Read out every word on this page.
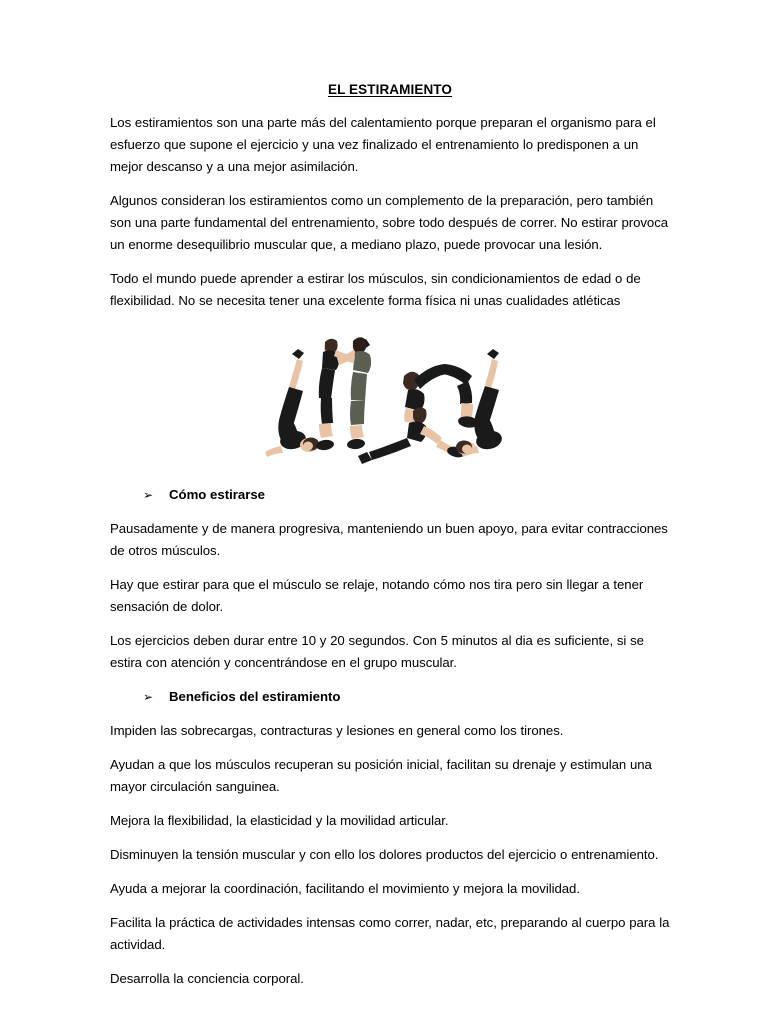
EL ESTIRAMIENTO

Los estiramientos son una parte más del calentamiento porque preparan el organismo para el esfuerzo que supone el ejercicio y una vez finalizado el entrenamiento lo predisponen a un mejor descanso y a una mejor asimilación.

Algunos consideran los estiramientos como un complemento de la preparación, pero también son una parte fundamental del entrenamiento, sobre todo después de correr. No estirar provoca un enorme desequilibrio muscular que, a mediano plazo, puede provocar una lesión.

Todo el mundo puede aprender a estirar los músculos, sin condicionamientos de edad o de flexibilidad. No se necesita tener una excelente forma física ni unas cualidades atléticas

➢	Cómo estirarse

Pausadamente y de manera progresiva, manteniendo un buen apoyo, para evitar contracciones de otros músculos.

Hay que estirar para que el músculo se relaje, notando cómo nos tira pero sin llegar a tener sensación de dolor.

Los ejercicios deben durar entre 10 y 20 segundos. Con 5 minutos al dia es suficiente, si se estira con atención y concentrándose en el grupo muscular.

➢	Beneficios del estiramiento

Impiden las sobrecargas, contracturas y lesiones en general como los tirones.

Ayudan a que los músculos recuperan su posición inicial, facilitan su drenaje y estimulan una mayor circulación sanguinea.

Mejora la flexibilidad, la elasticidad y la movilidad articular.

Disminuyen la tensión muscular y con ello los dolores productos del ejercicio o entrenamiento.

Ayuda a mejorar la coordinación, facilitando el movimiento y mejora la movilidad.

Facilita la práctica de actividades intensas como correr, nadar, etc, preparando al cuerpo para la actividad.

Desarrolla la conciencia corporal.
